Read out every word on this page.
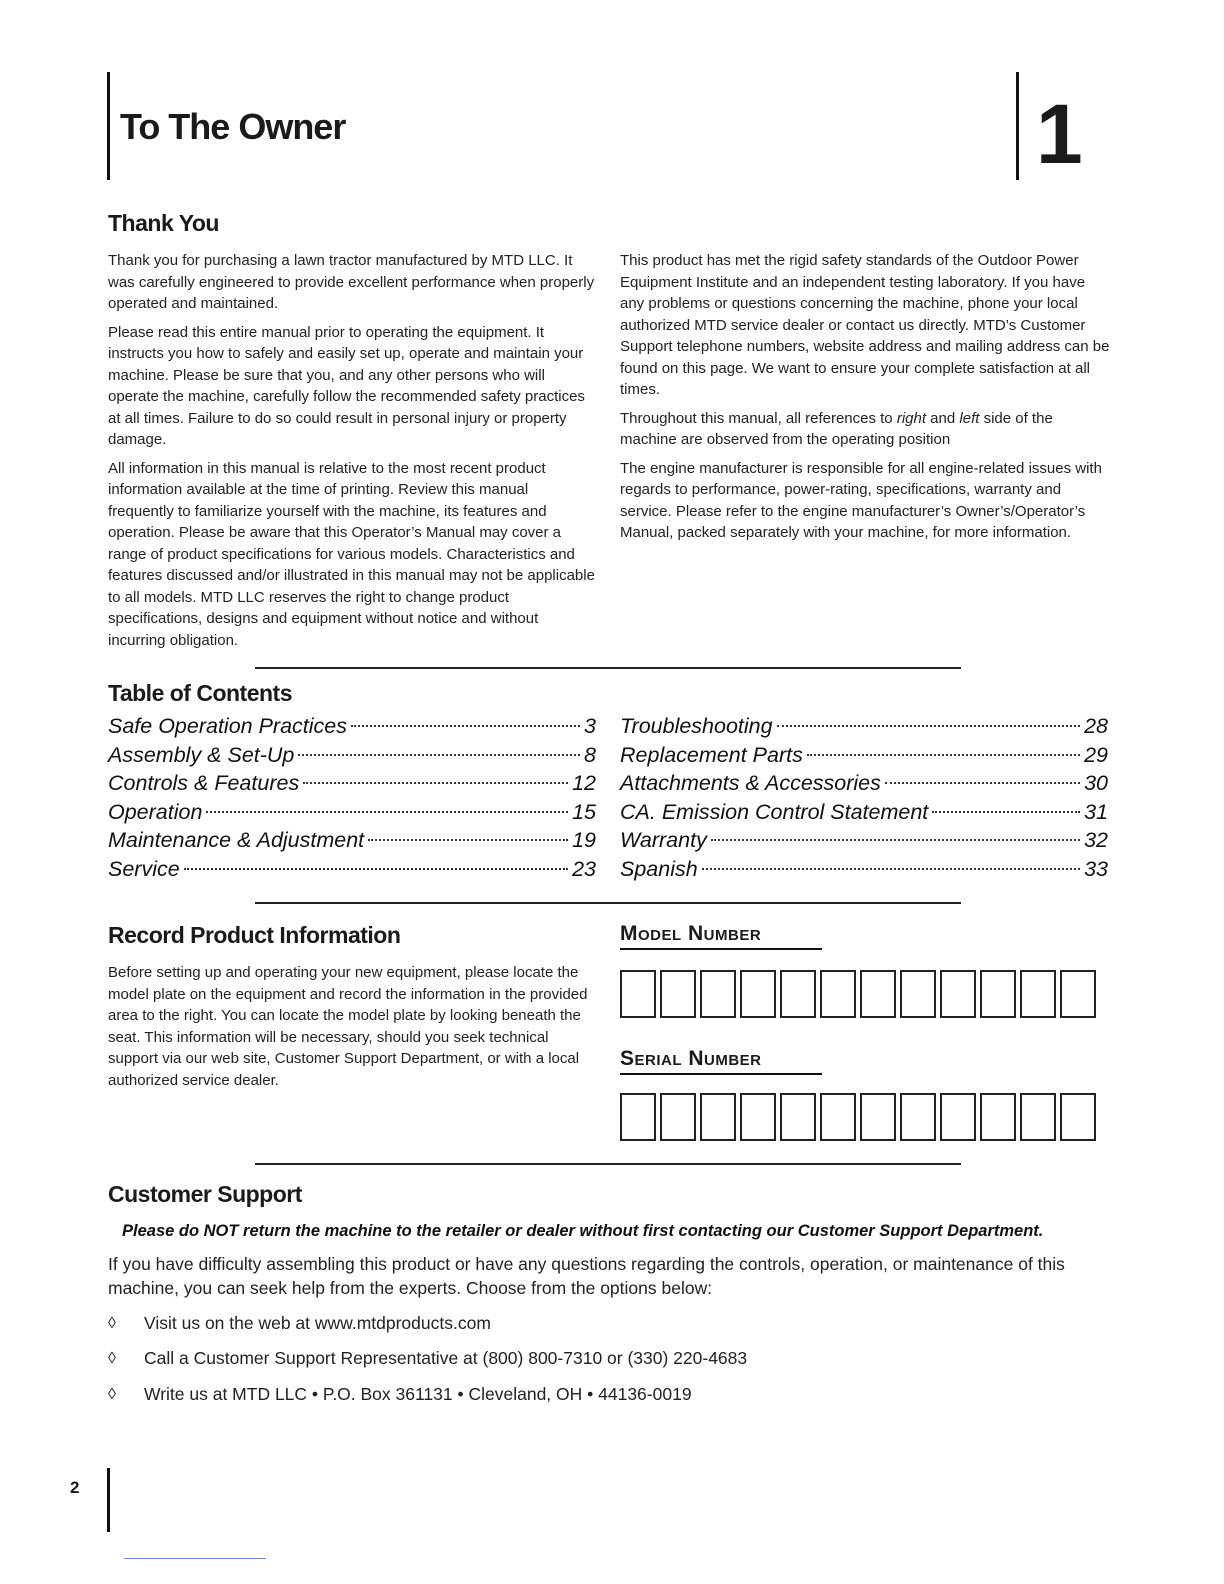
To The Owner	1
Thank You

Thank you for purchasing a lawn tractor manufactured by MTD LLC. It was carefully engineered to provide excellent performance when properly operated and maintained.

Please read this entire manual prior to operating the equipment. It instructs you how to safely and easily set up, operate and maintain your machine. Please be sure that you, and any other persons who will operate the machine, carefully follow the recommended safety practices at all times. Failure to do so could result in personal injury or property damage.

All information in this manual is relative to the most recent product information available at the time of printing. Review this manual frequently to familiarize yourself with the machine, its features and operation. Please be aware that this Operator’s Manual may cover a range of product specifications for various models. Characteristics and features discussed and/or illustrated in this manual may not be applicable to all models. MTD LLC reserves the right to change product specifications, designs and equipment without notice and without incurring obligation.

This product has met the rigid safety standards of the Outdoor Power Equipment Institute and an independent testing laboratory. If you have any problems or questions concerning the machine, phone your local authorized MTD service dealer or contact us directly. MTD’s Customer Support telephone numbers, website address and mailing address can be found on this page. We want to ensure your complete satisfaction at all times.

Throughout this manual, all references to right and left side of the machine are observed from the operating position

The engine manufacturer is responsible for all engine-related issues with regards to performance, power-rating, specifications, warranty and service. Please refer to the engine manufacturer’s Owner’s/Operator’s Manual, packed separately with your machine, for more information.

Table of Contents
Safe Operation Practices	3
Assembly & Set-Up	8
Controls & Features	12
Operation	15
Maintenance & Adjustment	19
Service	23
Troubleshooting	28
Replacement Parts	29
Attachments & Accessories	30
CA. Emission Control Statement	31
Warranty	32
Spanish	33
Record Product Information
Before setting up and operating your new equipment, please locate the model plate on the equipment and record the information in the provided area to the right. You can locate the model plate by looking beneath the seat. This information will be necessary, should you seek technical support via our web site, Customer Support Department, or with a local authorized service dealer.
Model Number
Serial Number
Customer Support
Please do NOT return the machine to the retailer or dealer without first contacting our Customer Support Department.
If you have difficulty assembling this product or have any questions regarding the controls, operation, or maintenance of this machine, you can seek help from the experts. Choose from the options below:
◊	Visit us on the web at www.mtdproducts.com
◊	Call a Customer Support Representative at (800) 800-7310 or (330) 220-4683
◊	Write us at MTD LLC • P.O. Box 361131 • Cleveland, OH • 44136-0019
2
